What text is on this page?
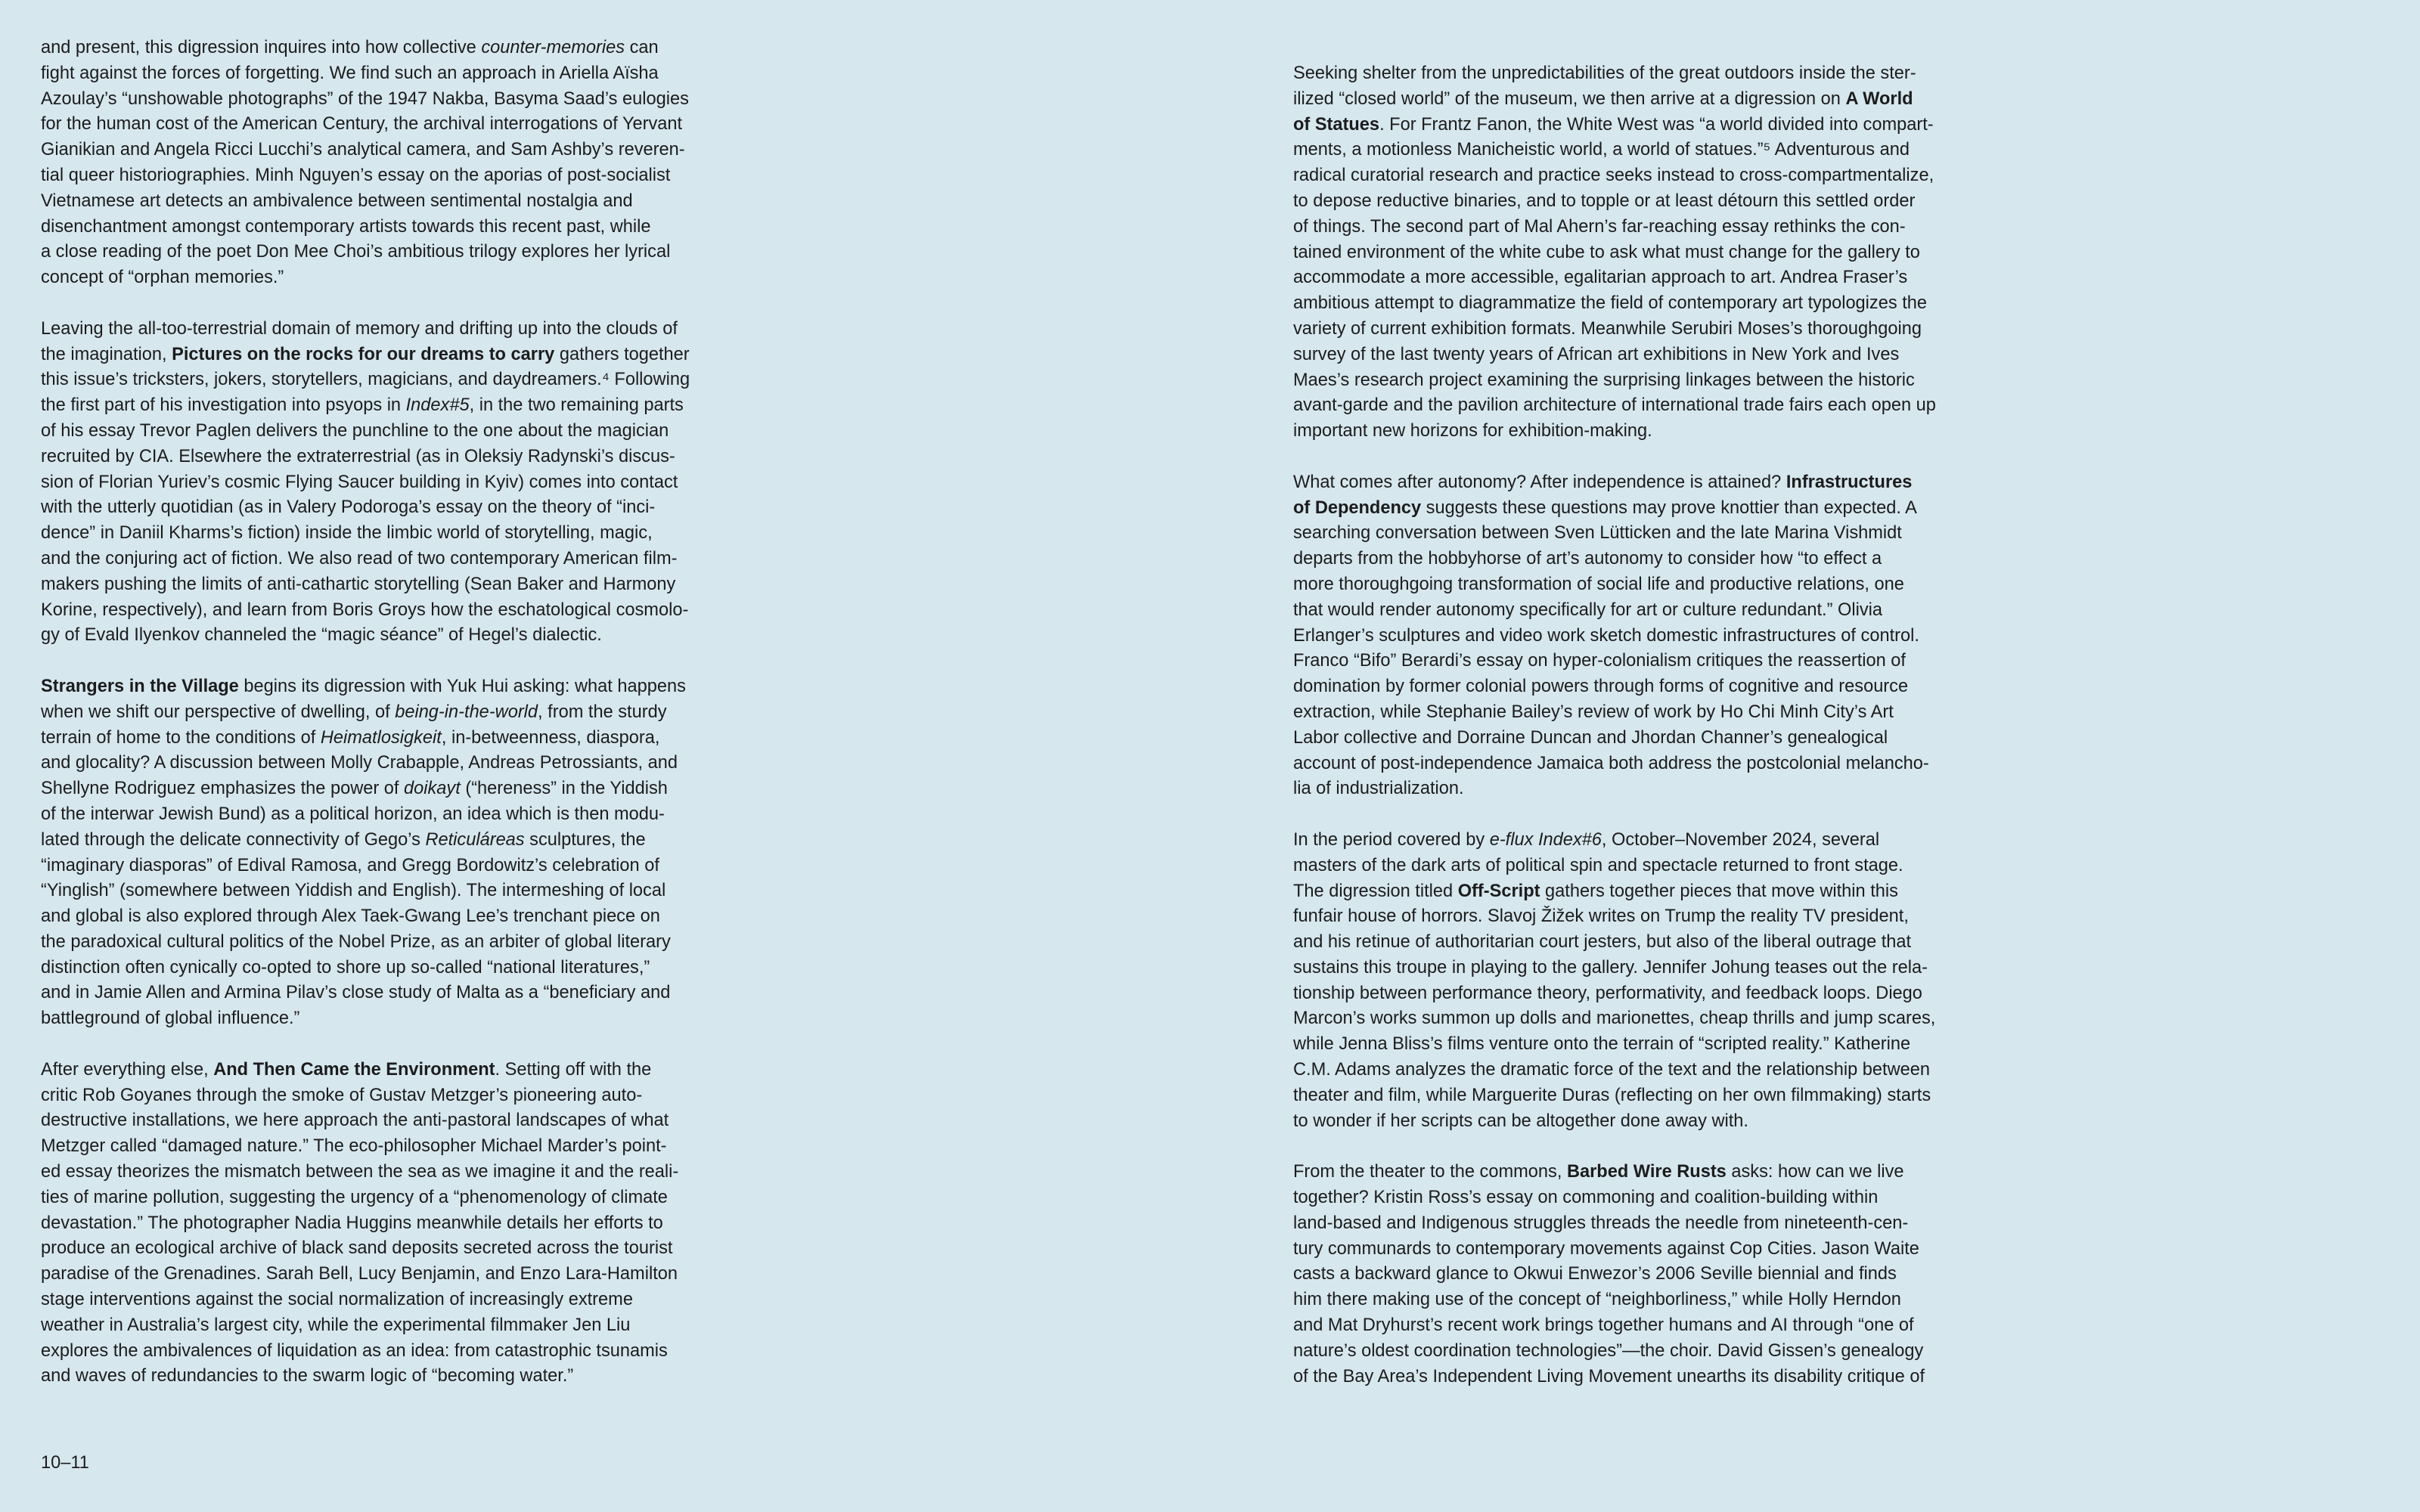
and present, this digression inquires into how collective counter-memories can
fight against the forces of forgetting. We find such an approach in Ariella Aïsha
Azoulay’s “unshowable photographs” of the 1947 Nakba, Basyma Saad’s eulogies
for the human cost of the American Century, the archival interrogations of Yervant
Gianikian and Angela Ricci Lucchi’s analytical camera, and Sam Ashby’s reveren-
tial queer historiographies. Minh Nguyen’s essay on the aporias of post-socialist
Vietnamese art detects an ambivalence between sentimental nostalgia and
disenchantment amongst contemporary artists towards this recent past, while
a close reading of the poet Don Mee Choi’s ambitious trilogy explores her lyrical
concept of “orphan memories.”

Leaving the all-too-terrestrial domain of memory and drifting up into the clouds of
the imagination, Pictures on the rocks for our dreams to carry gathers together
this issue’s tricksters, jokers, storytellers, magicians, and daydreamers.⁴ Following
the first part of his investigation into psyops in Index#5, in the two remaining parts
of his essay Trevor Paglen delivers the punchline to the one about the magician
recruited by CIA. Elsewhere the extraterrestrial (as in Oleksiy Radynski’s discus-
sion of Florian Yuriev’s cosmic Flying Saucer building in Kyiv) comes into contact
with the utterly quotidian (as in Valery Podoroga’s essay on the theory of “inci-
dence” in Daniil Kharms’s fiction) inside the limbic world of storytelling, magic,
and the conjuring act of fiction. We also read of two contemporary American film-
makers pushing the limits of anti-cathartic storytelling (Sean Baker and Harmony
Korine, respectively), and learn from Boris Groys how the eschatological cosmolo-
gy of Evald Ilyenkov channeled the “magic séance” of Hegel’s dialectic.

Strangers in the Village begins its digression with Yuk Hui asking: what happens
when we shift our perspective of dwelling, of being-in-the-world, from the sturdy
terrain of home to the conditions of Heimatlosigkeit, in-betweenness, diaspora,
and glocality? A discussion between Molly Crabapple, Andreas Petrossiants, and
Shellyne Rodriguez emphasizes the power of doikayt (“hereness” in the Yiddish
of the interwar Jewish Bund) as a political horizon, an idea which is then modu-
lated through the delicate connectivity of Gego’s Reticuláreas sculptures, the
“imaginary diasporas” of Edival Ramosa, and Gregg Bordowitz’s celebration of
“Yinglish” (somewhere between Yiddish and English). The intermeshing of local
and global is also explored through Alex Taek-Gwang Lee’s trenchant piece on
the paradoxical cultural politics of the Nobel Prize, as an arbiter of global literary
distinction often cynically co-opted to shore up so-called “national literatures,”
and in Jamie Allen and Armina Pilav’s close study of Malta as a “beneficiary and
battleground of global influence.”

After everything else, And Then Came the Environment. Setting off with the
critic Rob Goyanes through the smoke of Gustav Metzger’s pioneering auto-
destructive installations, we here approach the anti-pastoral landscapes of what
Metzger called “damaged nature.” The eco-philosopher Michael Marder’s point-
ed essay theorizes the mismatch between the sea as we imagine it and the reali-
ties of marine pollution, suggesting the urgency of a “phenomenology of climate
devastation.” The photographer Nadia Huggins meanwhile details her efforts to
produce an ecological archive of black sand deposits secreted across the tourist
paradise of the Grenadines. Sarah Bell, Lucy Benjamin, and Enzo Lara-Hamilton
stage interventions against the social normalization of increasingly extreme
weather in Australia’s largest city, while the experimental filmmaker Jen Liu
explores the ambivalences of liquidation as an idea: from catastrophic tsunamis
and waves of redundancies to the swarm logic of “becoming water.”

10–11

Seeking shelter from the unpredictabilities of the great outdoors inside the ster-
ilized “closed world” of the museum, we then arrive at a digression on A World
of Statues. For Frantz Fanon, the White West was “a world divided into compart-
ments, a motionless Manicheistic world, a world of statues.”⁵ Adventurous and
radical curatorial research and practice seeks instead to cross-compartmentalize,
to depose reductive binaries, and to topple or at least détourn this settled order
of things. The second part of Mal Ahern’s far-reaching essay rethinks the con-
tained environment of the white cube to ask what must change for the gallery to
accommodate a more accessible, egalitarian approach to art. Andrea Fraser’s
ambitious attempt to diagrammatize the field of contemporary art typologizes the
variety of current exhibition formats. Meanwhile Serubiri Moses’s thoroughgoing
survey of the last twenty years of African art exhibitions in New York and Ives
Maes’s research project examining the surprising linkages between the historic
avant-garde and the pavilion architecture of international trade fairs each open up
important new horizons for exhibition-making.

What comes after autonomy? After independence is attained? Infrastructures
of Dependency suggests these questions may prove knottier than expected. A
searching conversation between Sven Lütticken and the late Marina Vishmidt
departs from the hobbyhorse of art’s autonomy to consider how “to effect a
more thoroughgoing transformation of social life and productive relations, one
that would render autonomy specifically for art or culture redundant.” Olivia
Erlanger’s sculptures and video work sketch domestic infrastructures of control.
Franco “Bifo” Berardi’s essay on hyper-colonialism critiques the reassertion of
domination by former colonial powers through forms of cognitive and resource
extraction, while Stephanie Bailey’s review of work by Ho Chi Minh City’s Art
Labor collective and Dorraine Duncan and Jhordan Channer’s genealogical
account of post-independence Jamaica both address the postcolonial melancho-
lia of industrialization.

In the period covered by e-flux Index#6, October–November 2024, several
masters of the dark arts of political spin and spectacle returned to front stage.
The digression titled Off-Script gathers together pieces that move within this
funfair house of horrors. Slavoj Žižek writes on Trump the reality TV president,
and his retinue of authoritarian court jesters, but also of the liberal outrage that
sustains this troupe in playing to the gallery. Jennifer Johung teases out the rela-
tionship between performance theory, performativity, and feedback loops. Diego
Marcon’s works summon up dolls and marionettes, cheap thrills and jump scares,
while Jenna Bliss’s films venture onto the terrain of “scripted reality.” Katherine
C.M. Adams analyzes the dramatic force of the text and the relationship between
theater and film, while Marguerite Duras (reflecting on her own filmmaking) starts
to wonder if her scripts can be altogether done away with.

From the theater to the commons, Barbed Wire Rusts asks: how can we live
together? Kristin Ross’s essay on commoning and coalition-building within
land-based and Indigenous struggles threads the needle from nineteenth-cen-
tury communards to contemporary movements against Cop Cities. Jason Waite
casts a backward glance to Okwui Enwezor’s 2006 Seville biennial and finds
him there making use of the concept of “neighborliness,” while Holly Herndon
and Mat Dryhurst’s recent work brings together humans and AI through “one of
nature’s oldest coordination technologies”—the choir. David Gissen’s genealogy
of the Bay Area’s Independent Living Movement unearths its disability critique of
